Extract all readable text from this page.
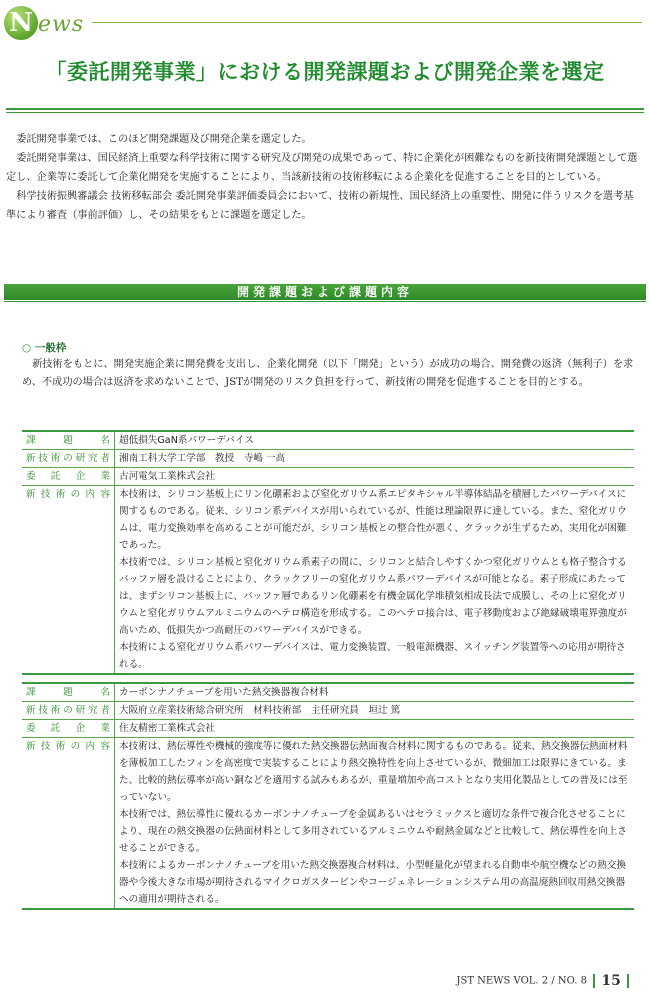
N ews
「委託開発事業」における開発課題および開発企業を選定

委託開発事業では、このほど開発課題及び開発企業を選定した。

委託開発事業は、国民経済上重要な科学技術に関する研究及び開発の成果であって、特に企業化が困難なものを新技術開発課題として選定し、企業等に委託して企業化開発を実施することにより、当該新技術の技術移転による企業化を促進することを目的としている。

科学技術振興審議会 技術移転部会 委託開発事業評価委員会において、技術の新規性、国民経済上の重要性、開発に伴うリスクを選考基準により審査（事前評価）し、その結果をもとに課題を選定した。

開発課題および課題内容
○ 一般枠
新技術をもとに、開発実施企業に開発費を支出し、企業化開発（以下「開発」という）が成功の場合、開発費の返済（無利子）を求め、不成功の場合は返済を求めないことで、JSTが開発のリスク負担を行って、新技術の開発を促進することを目的とする。
課題名	超低損失GaN系パワーデバイス
新技術の研究者	湘南工科大学工学部　教授　寺嶋 一高
委託企業	古河電気工業株式会社
新技術の内容	本技術は、シリコン基板上にリン化硼素および窒化ガリウム系エピタキシャル半導体結晶を積層したパワーデバイスに関するものである。従来、シリコン系デバイスが用いられているが、性能は理論限界に達している。また、窒化ガリウムは、電力変換効率を高めることが可能だが、シリコン基板との整合性が悪く、クラックが生ずるため、実用化が困難であった。

本技術では、シリコン基板と窒化ガリウム系素子の間に、シリコンと結合しやすくかつ窒化ガリウムとも格子整合するバッファ層を設けることにより、クラックフリーの窒化ガリウム系パワーデバイスが可能となる。素子形成にあたっては、まずシリコン基板上に、バッファ層であるリン化硼素を有機金属化学堆積気相成長法で成膜し、その上に窒化ガリウムと窒化ガリウムアルミニウムのヘテロ構造を形成する。このヘテロ接合は、電子移動度および絶縁破壊電界強度が高いため、低損失かつ高耐圧のパワーデバイスができる。

本技術による窒化ガリウム系パワーデバイスは、電力変換装置、一般電源機器、スイッチング装置等への応用が期待される。

課題名	カーボンナノチューブを用いた熱交換器複合材料
新技術の研究者	大阪府立産業技術総合研究所　材料技術部　主任研究員　垣辻 篤
委託企業	住友精密工業株式会社
新技術の内容	本技術は、熱伝導性や機械的強度等に優れた熱交換器伝熱面複合材料に関するものである。従来、熱交換器伝熱面材料を薄板加工したフィンを高密度で実装することにより熱交換特性を向上させているが、微細加工は限界にきている。また、比較的熱伝導率が高い銅などを適用する試みもあるが、重量増加や高コストとなり実用化製品としての普及には至っていない。

本技術では、熱伝導性に優れるカーボンナノチューブを金属あるいはセラミックスと適切な条件で複合化させることにより、現在の熱交換器の伝熱面材料として多用されているアルミニウムや耐熱金属などと比較して、熱伝導性を向上させることができる。

本技術によるカーボンナノチューブを用いた熱交換器複合材料は、小型軽量化が望まれる自動車や航空機などの熱交換器や今後大きな市場が期待されるマイクロガスタービンやコージェネレーションシステム用の高温廃熱回収用熱交換器への適用が期待される。

JST NEWS VOL. 2 / NO. 8 15
